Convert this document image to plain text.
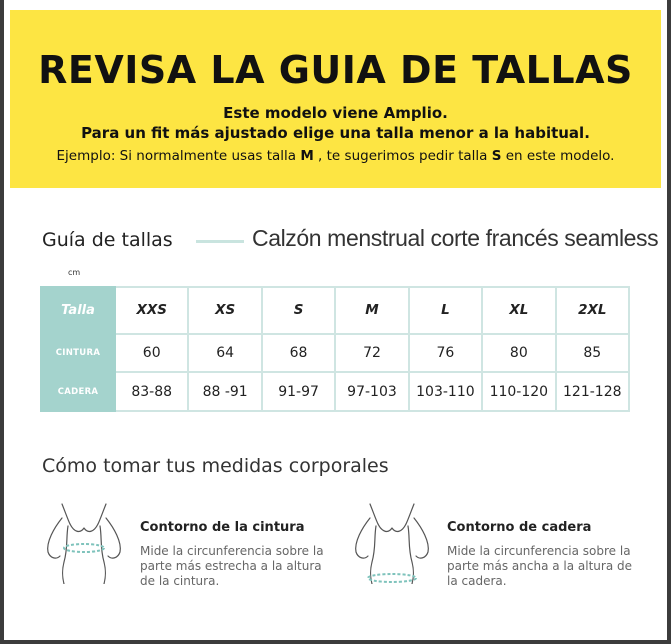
REVISA LA GUIA DE TALLAS
Este modelo viene Amplio.
Para un fit más ajustado elige una talla menor a la habitual.
Ejemplo: Si normalmente usas talla M , te sugerimos pedir talla S en este modelo.
Guía de tallas	Calzón menstrual corte francés seamless
cm
Talla	XXS	XS	S	M	L	XL	2XL
CINTURA	60	64	68	72	76	80	85
CADERA	83-88	88 -91	91-97	97-103	103-110	110-120	121-128
Cómo tomar tus medidas corporales
Contorno de la cintura
Mide la circunferencia sobre la parte más estrecha a la altura de la cintura.
Contorno de cadera
Mide la circunferencia sobre la parte más ancha a la altura de la cadera.
